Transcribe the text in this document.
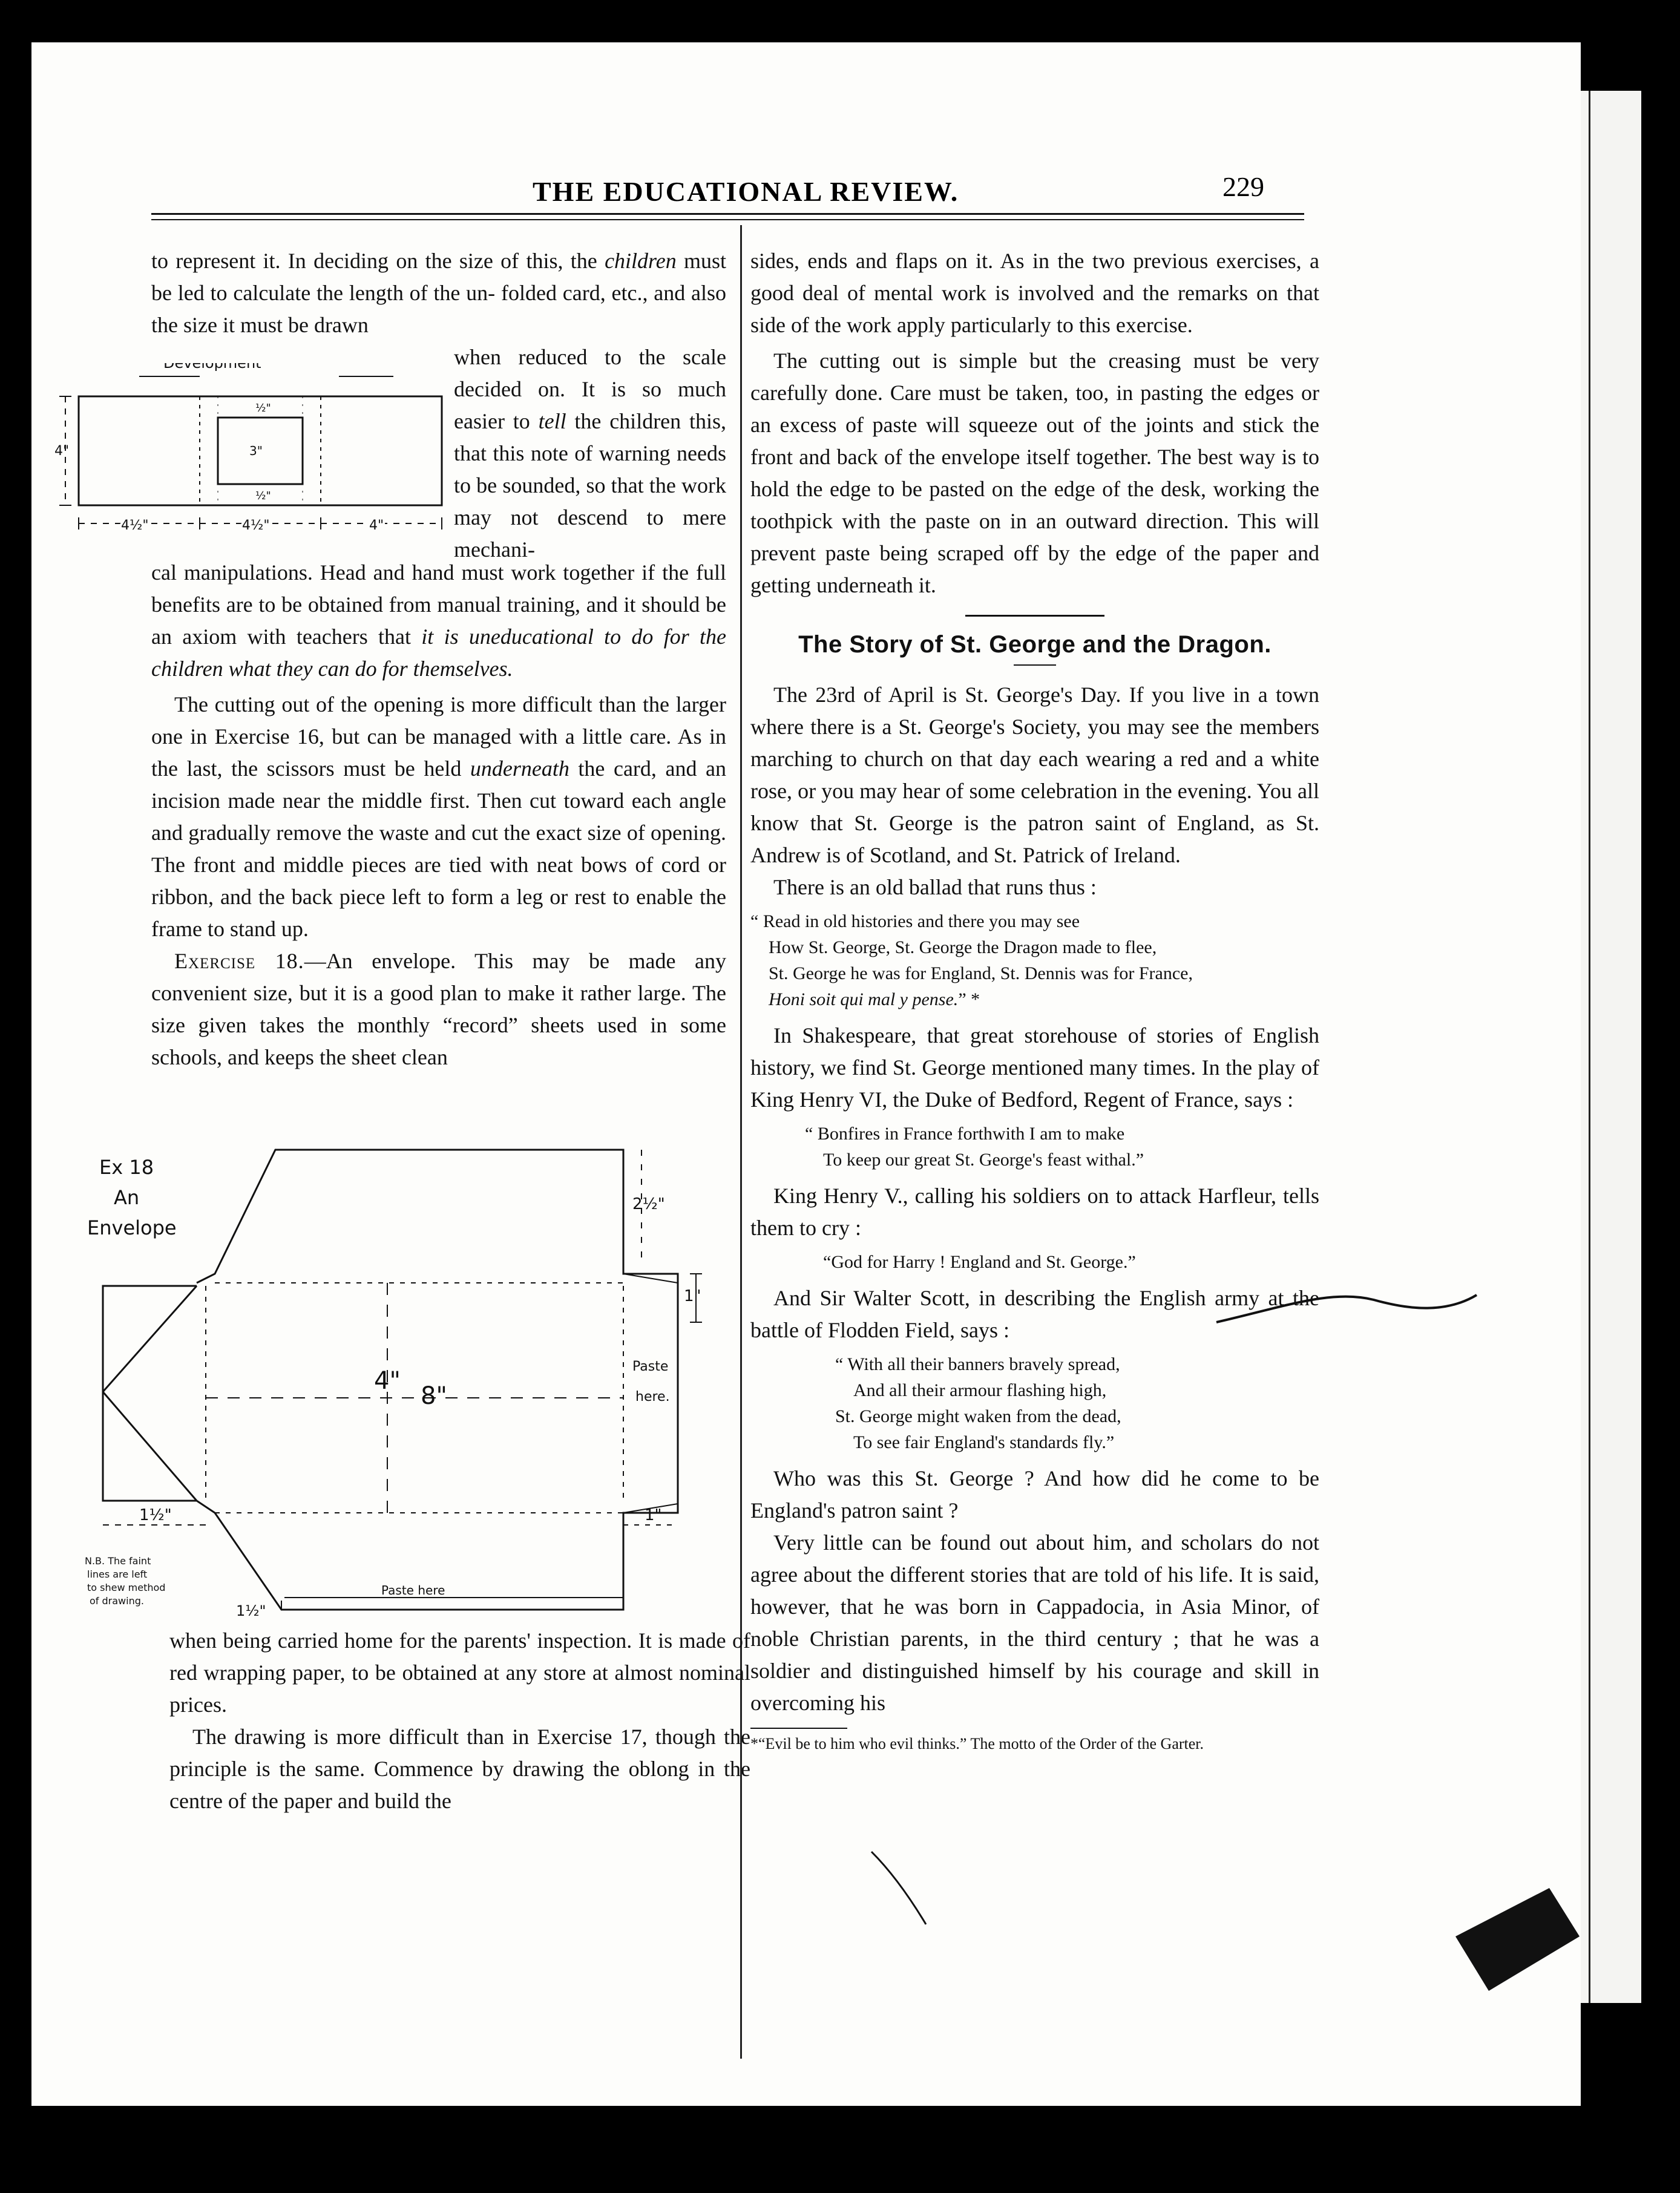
THE EDUCATIONAL REVIEW.	229

to represent it. In deciding on the size of this, the children must be led to calculate the length of the un- folded card, etc., and also the size it must be drawn

Development
4"	3"
½"
½"
4½"	4½"	4"

when reduced to the scale decided on. It is so much easier to tell the children this, that this note of warning needs to be sounded, so that the work may not descend to mere mechani-

cal manipulations. Head and hand must work together if the full benefits are to be obtained from manual training, and it should be an axiom with teachers that it is uneducational to do for the children what they can do for themselves.

The cutting out of the opening is more difficult than the larger one in Exercise 16, but can be managed with a little care. As in the last, the scissors must be held underneath the card, and an incision made near the middle first. Then cut toward each angle and gradually remove the waste and cut the exact size of opening. The front and middle pieces are tied with neat bows of cord or ribbon, and the back piece left to form a leg or rest to enable the frame to stand up.

Exercise 18.—An envelope. This may be made any convenient size, but it is a good plan to make it rather large. The size given takes the monthly “record” sheets used in some schools, and keeps the sheet clean

Ex 18
An
Envelope
2½"
1"
4"
8"
Paste
here.
1½"	1"
N.B. The faint
lines are left
to shew method
of drawing.
Paste here
1½"

when being carried home for the parents' inspection. It is made of red wrapping paper, to be obtained at any store at almost nominal prices.

The drawing is more difficult than in Exercise 17, though the principle is the same. Commence by drawing the oblong in the centre of the paper and build the

sides, ends and flaps on it. As in the two previous exercises, a good deal of mental work is involved and the remarks on that side of the work apply particularly to this exercise.

The cutting out is simple but the creasing must be very carefully done. Care must be taken, too, in pasting the edges or an excess of paste will squeeze out of the joints and stick the front and back of the envelope itself together. The best way is to hold the edge to be pasted on the edge of the desk, working the toothpick with the paste on in an outward direction. This will prevent paste being scraped off by the edge of the paper and getting underneath it.

The Story of St. George and the Dragon.

The 23rd of April is St. George's Day. If you live in a town where there is a St. George's Society, you may see the members marching to church on that day each wearing a red and a white rose, or you may hear of some celebration in the evening. You all know that St. George is the patron saint of England, as St. Andrew is of Scotland, and St. Patrick of Ireland.

There is an old ballad that runs thus :

“ Read in old histories and there you may see
How St. George, St. George the Dragon made to flee,
St. George he was for England, St. Dennis was for France,
Honi soit qui mal y pense.” *

In Shakespeare, that great storehouse of stories of English history, we find St. George mentioned many times. In the play of King Henry VI, the Duke of Bedford, Regent of France, says :

“ Bonfires in France forthwith I am to make
To keep our great St. George's feast withal.”

King Henry V., calling his soldiers on to attack Harfleur, tells them to cry :

“God for Harry ! England and St. George.”

And Sir Walter Scott, in describing the English army at the battle of Flodden Field, says :

“ With all their banners bravely spread,
And all their armour flashing high,
St. George might waken from the dead,
To see fair England's standards fly.”

Who was this St. George ? And how did he come to be England's patron saint ?

Very little can be found out about him, and scholars do not agree about the different stories that are told of his life. It is said, however, that he was born in Cappadocia, in Asia Minor, of noble Christian parents, in the third century ; that he was a soldier and distinguished himself by his courage and skill in overcoming his

*“Evil be to him who evil thinks.” The motto of the Order of the Garter.
